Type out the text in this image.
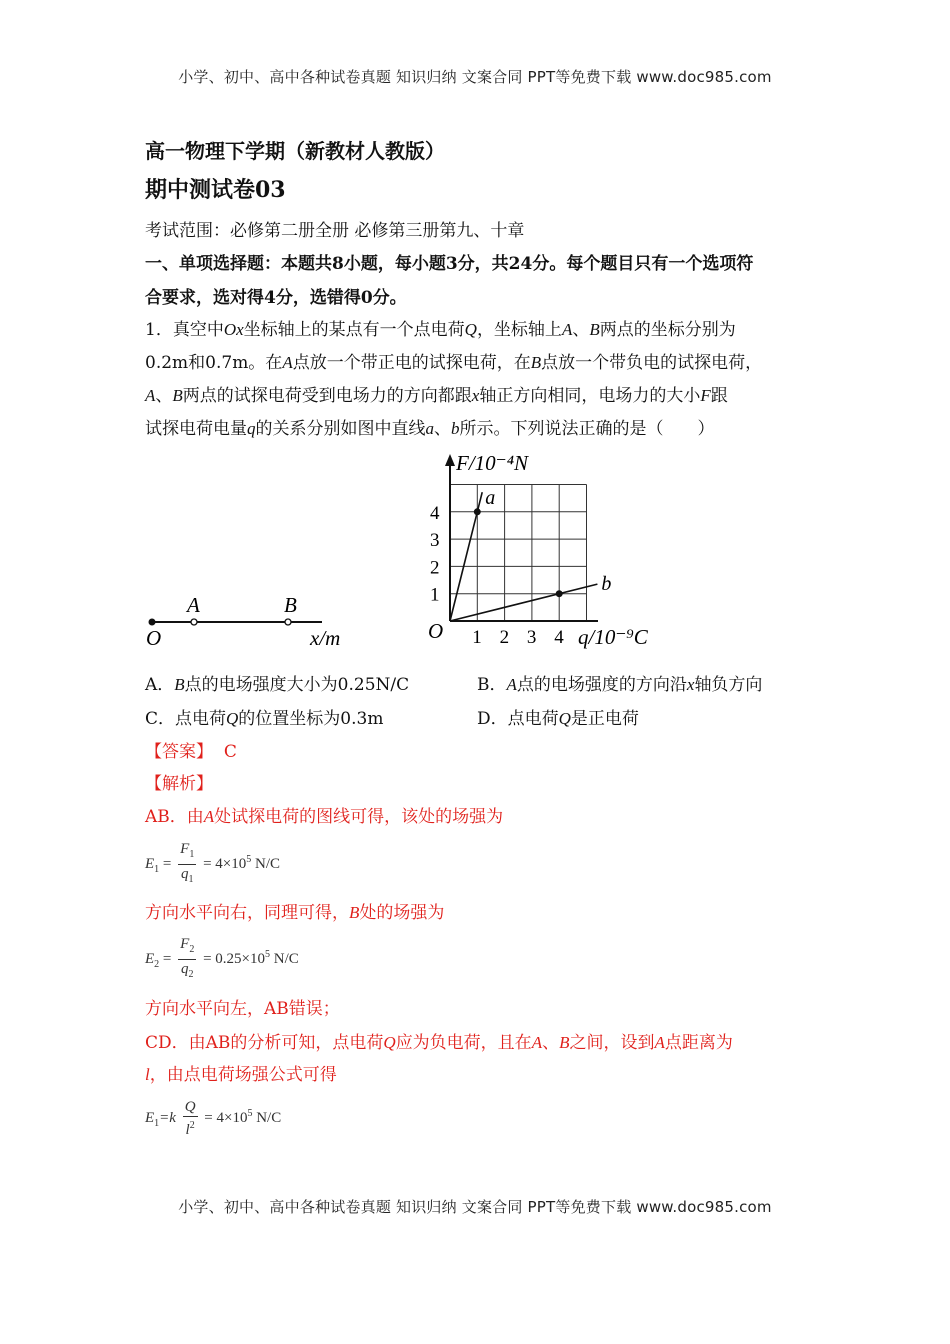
小学、初中、高中各种试卷真题 知识归纳 文案合同 PPT等免费下载 www.doc985.com
高一物理下学期（新教材人教版）
期中测试卷03
考试范围：必修第二册全册 必修第三册第九、十章
一、单项选择题：本题共8小题，每小题3分，共24分。每个题目只有一个选项符
合要求，选对得4分，选错得0分。
1．真空中Ox坐标轴上的某点有一个点电荷Q，坐标轴上A、B两点的坐标分别为
0.2m和0.7m。在A点放一个带正电的试探电荷，在B点放一个带负电的试探电荷，
A、B两点的试探电荷受到电场力的方向都跟x轴正方向相同，电场力的大小F跟
试探电荷电量q的关系分别如图中直线a、b所示。下列说法正确的是（　　）
O
A	B
x/m
a
b
1 2 3 4
1
2
3
4
F/10⁻⁴N
O	q/10⁻⁹C
A．B点的电场强度大小为0.25N/C	B．A点的电场强度的方向沿x轴负方向
C．点电荷Q的位置坐标为0.3m	D．点电荷Q是正电荷
【答案】 C
【解析】
AB．由A处试探电荷的图线可得，该处的场强为
$E_1 = \frac{F_1}{q_1} = 4\times 10^5$ N/C
方向水平向右，同理可得，B处的场强为
$E_2 = \frac{F_2}{q_2} = 0.25\times 10^5$ N/C
方向水平向左，AB错误；
CD．由AB的分析可知，点电荷Q应为负电荷，且在A、B之间，设到A点距离为
l，由点电荷场强公式可得
$E_1=k \frac{Q}{l^2} = 4\times 10^5$ N/C
小学、初中、高中各种试卷真题 知识归纳 文案合同 PPT等免费下载 www.doc985.com
